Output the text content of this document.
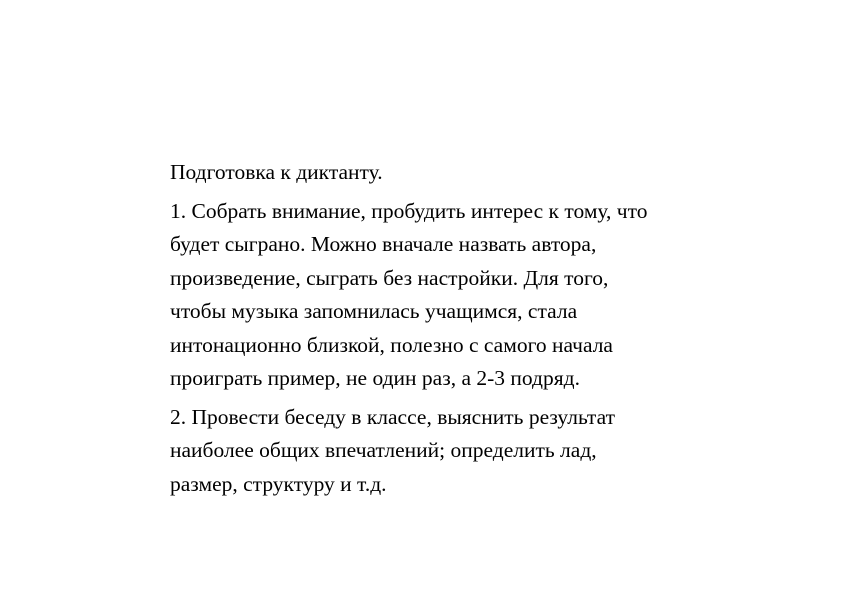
Подготовка к диктанту.

1. Собрать внимание, пробудить интерес к тому, что
будет сыграно. Можно вначале назвать автора,
произведение, сыграть без настройки. Для того,
чтобы музыка запомнилась учащимся, стала
интонационно близкой, полезно с самого начала
проиграть пример, не один раз, а 2-3 подряд.

2. Провести беседу в классе, выяснить результат
наиболее общих впечатлений; определить лад,
размер, структуру и т.д.
